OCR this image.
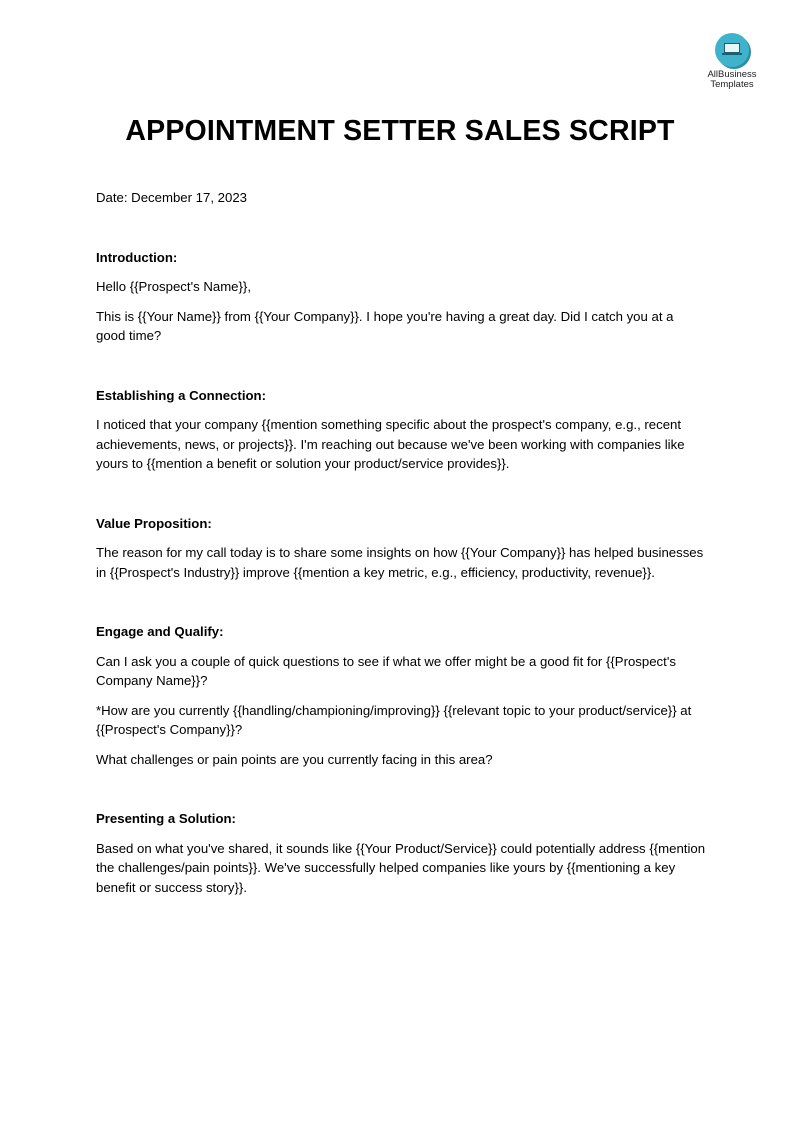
AllBusiness
Templates
APPOINTMENT SETTER SALES SCRIPT

Date: December 17, 2023

Introduction:

Hello {{Prospect's Name}},

This is {{Your Name}} from {{Your Company}}. I hope you're having a great day. Did I catch you at a good time?

Establishing a Connection:

I noticed that your company {{mention something specific about the prospect's company, e.g., recent achievements, news, or projects}}. I'm reaching out because we've been working with companies like yours to {{mention a benefit or solution your product/service provides}}.

Value Proposition:

The reason for my call today is to share some insights on how {{Your Company}} has helped businesses in {{Prospect's Industry}} improve {{mention a key metric, e.g., efficiency, productivity, revenue}}.

Engage and Qualify:

Can I ask you a couple of quick questions to see if what we offer might be a good fit for {{Prospect's Company Name}}?

*How are you currently {{handling/championing/improving}} {{relevant topic to your product/service}} at {{Prospect's Company}}?

What challenges or pain points are you currently facing in this area?

Presenting a Solution:

Based on what you've shared, it sounds like {{Your Product/Service}} could potentially address {{mention the challenges/pain points}}. We've successfully helped companies like yours by {{mentioning a key benefit or success story}}.
